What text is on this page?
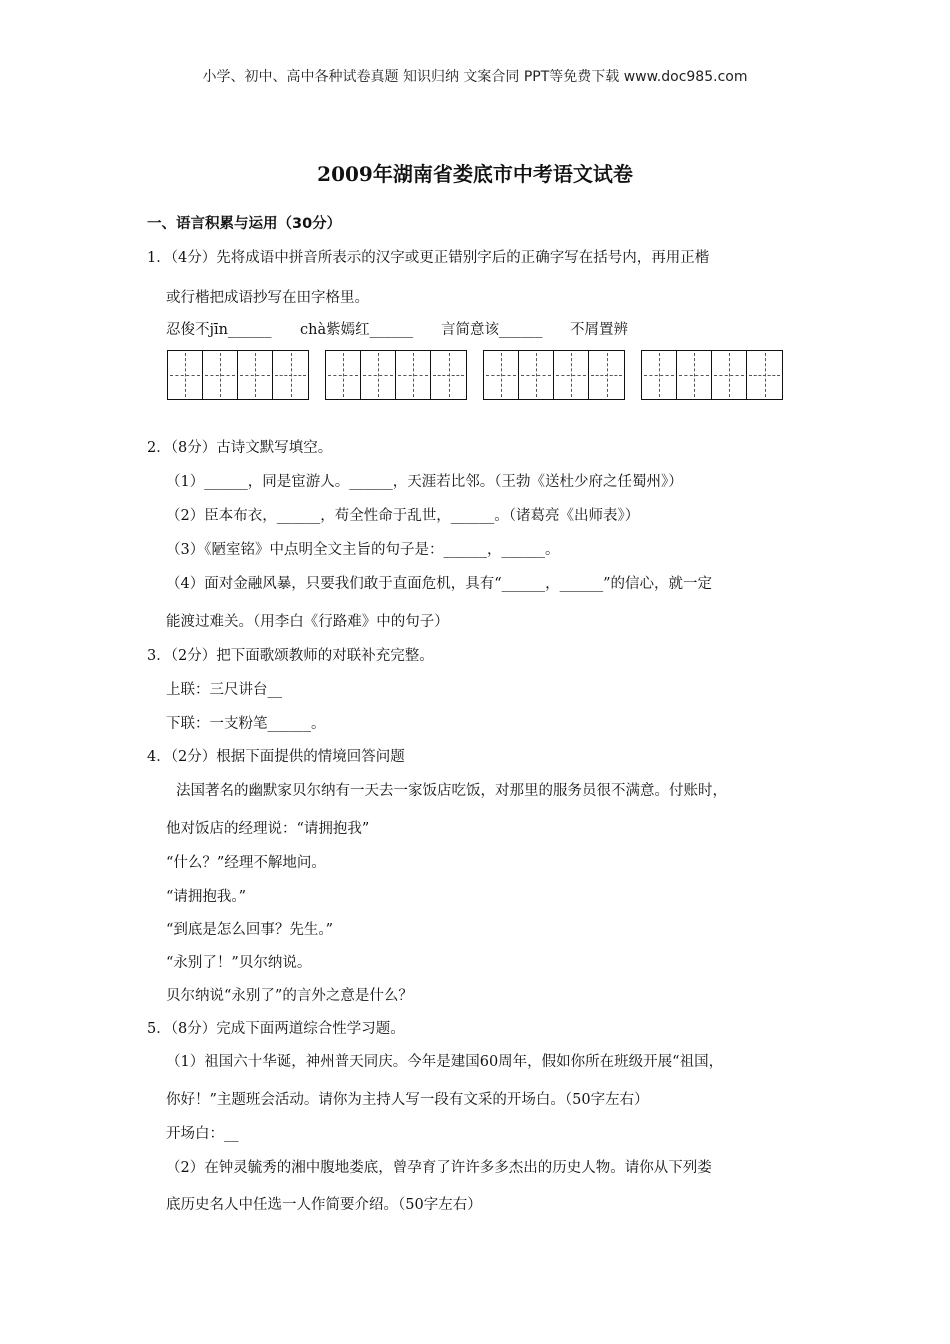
小学、初中、高中各种试卷真题 知识归纳 文案合同 PPT等免费下载 www.doc985.com
2009年湖南省娄底市中考语文试卷
一、语言积累与运用（30分）
1．（4分）先将成语中拼音所表示的汉字或更正错别字后的正确字写在括号内，再用正楷
或行楷把成语抄写在田字格里。
忍俊不jīn______ chà紫嫣红______ 言简意该______ 不屑置辨
2．（8分）古诗文默写填空。
（1）______，同是宦游人。______，天涯若比邻。（王勃《送杜少府之任蜀州》）
（2）臣本布衣，______，苟全性命于乱世，______。（诸葛亮《出师表》）
（3）《陋室铭》中点明全文主旨的句子是：______，______。
（4）面对金融风暴，只要我们敢于直面危机，具有“______，______”的信心，就一定
能渡过难关。（用李白《行路难》中的句子）
3．（2分）把下面歌颂教师的对联补充完整。
上联：三尺讲台__
下联：一支粉笔______。
4．（2分）根据下面提供的情境回答问题
法国著名的幽默家贝尔纳有一天去一家饭店吃饭，对那里的服务员很不满意。付账时，
他对饭店的经理说：“请拥抱我”
“什么？”经理不解地问。
“请拥抱我。”
“到底是怎么回事？先生。”
“永别了！”贝尔纳说。
贝尔纳说“永别了”的言外之意是什么？
5．（8分）完成下面两道综合性学习题。
（1）祖国六十华诞，神州普天同庆。今年是建国60周年，假如你所在班级开展“祖国，
你好！”主题班会活动。请你为主持人写一段有文采的开场白。（50字左右）
开场白：__
（2）在钟灵毓秀的湘中腹地娄底，曾孕育了许许多多杰出的历史人物。请你从下列娄
底历史名人中任选一人作简要介绍。（50字左右）
